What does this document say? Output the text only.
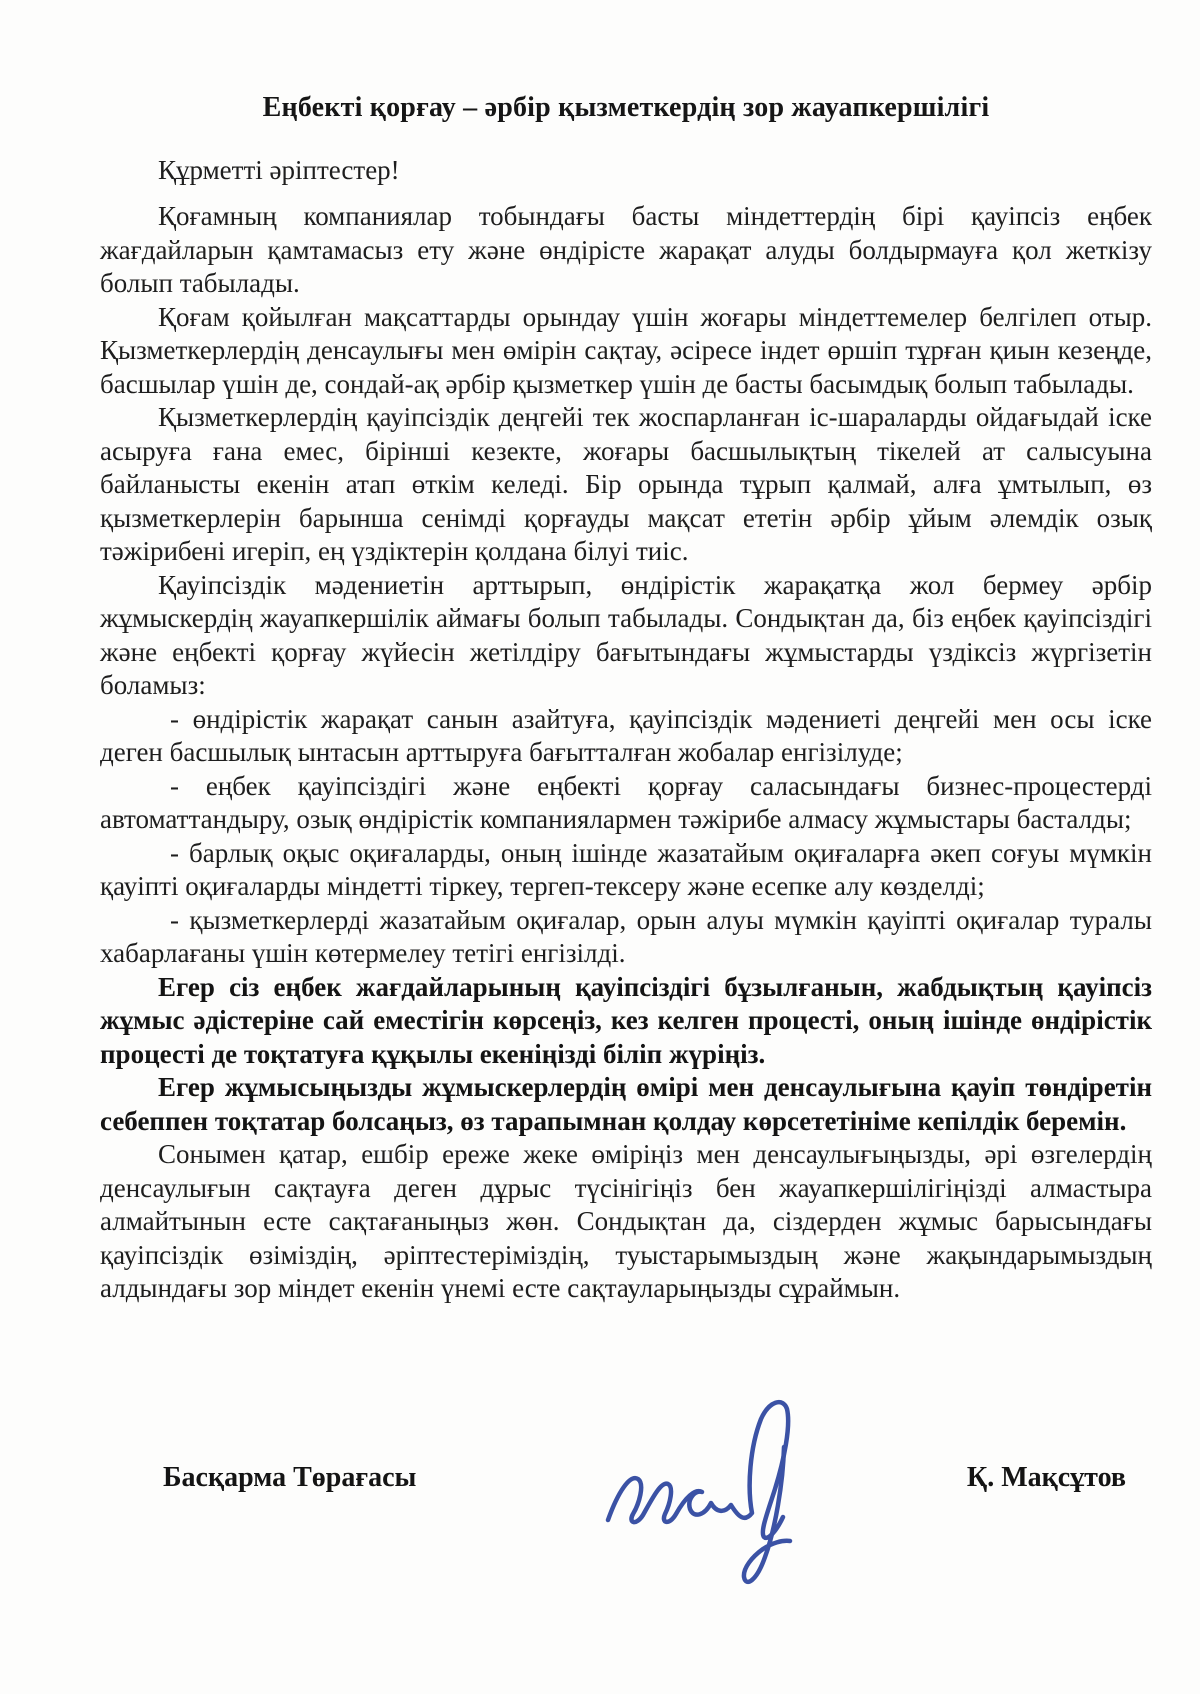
Еңбекті қорғау – әрбір қызметкердің зор жауапкершілігі

Құрметті әріптестер!

Қоғамның компаниялар тобындағы басты міндеттердің бірі қауіпсіз еңбек жағдайларын қамтамасыз ету және өндірісте жарақат алуды болдырмауға қол жеткізу болып табылады.

Қоғам қойылған мақсаттарды орындау үшін жоғары міндеттемелер белгілеп отыр. Қызметкерлердің денсаулығы мен өмірін сақтау, әсіресе індет өршіп тұрған қиын кезеңде, басшылар үшін де, сондай-ақ әрбір қызметкер үшін де басты басымдық болып табылады.

Қызметкерлердің қауіпсіздік деңгейі тек жоспарланған іс-шараларды ойдағыдай іске асыруға ғана емес, бірінші кезекте, жоғары басшылықтың тікелей ат салысуына байланысты екенін атап өткім келеді. Бір орында тұрып қалмай, алға ұмтылып, өз қызметкерлерін барынша сенімді қорғауды мақсат ететін әрбір ұйым әлемдік озық тәжірибені игеріп, ең үздіктерін қолдана білуі тиіс.

Қауіпсіздік мәдениетін арттырып, өндірістік жарақатқа жол бермеу әрбір жұмыскердің жауапкершілік аймағы болып табылады. Сондықтан да, біз еңбек қауіпсіздігі және еңбекті қорғау жүйесін жетілдіру бағытындағы жұмыстарды үздіксіз жүргізетін боламыз:

- өндірістік жарақат санын азайтуға, қауіпсіздік мәдениеті деңгейі мен осы іске деген басшылық ынтасын арттыруға бағытталған жобалар енгізілуде;

- еңбек қауіпсіздігі және еңбекті қорғау саласындағы бизнес-процестерді автоматтандыру, озық өндірістік компаниялармен тәжірибе алмасу жұмыстары басталды;

- барлық оқыс оқиғаларды, оның ішінде жазатайым оқиғаларға әкеп соғуы мүмкін қауіпті оқиғаларды міндетті тіркеу, тергеп-тексеру және есепке алу көзделді;

- қызметкерлерді жазатайым оқиғалар, орын алуы мүмкін қауіпті оқиғалар туралы хабарлағаны үшін көтермелеу тетігі енгізілді.

Егер сіз еңбек жағдайларының қауіпсіздігі бұзылғанын, жабдықтың қауіпсіз жұмыс әдістеріне сай еместігін көрсеңіз, кез келген процесті, оның ішінде өндірістік процесті де тоқтатуға құқылы екеніңізді біліп жүріңіз.

Егер жұмысыңызды жұмыскерлердің өмірі мен денсаулығына қауіп төндіретін себеппен тоқтатар болсаңыз, өз тарапымнан қолдау көрсететініме кепілдік беремін.

Сонымен қатар, ешбір ереже жеке өміріңіз мен денсаулығыңызды, әрі өзгелердің денсаулығын сақтауға деген дұрыс түсінігіңіз бен жауапкершілігіңізді алмастыра алмайтынын есте сақтағаныңыз жөн. Сондықтан да, сіздерден жұмыс барысындағы қауіпсіздік өзіміздің, әріптестеріміздің, туыстарымыздың және жақындарымыздың алдындағы зор міндет екенін үнемі есте сақтауларыңызды сұраймын.

Басқарма Төрағасы	Қ. Мақсұтов
